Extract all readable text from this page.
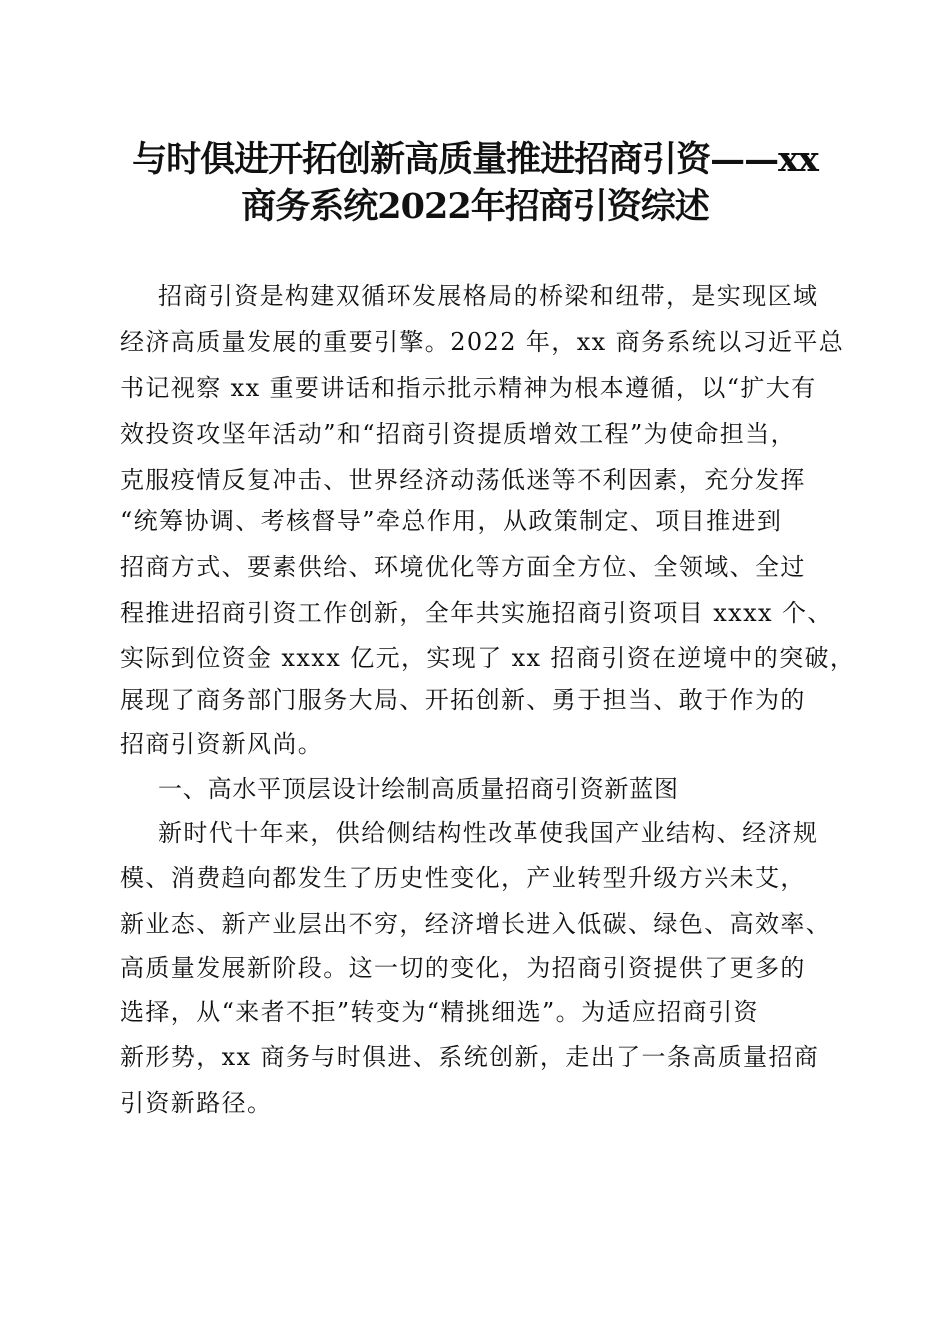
与时俱进开拓创新高质量推进招商引资——xx
商务系统2022年招商引资综述

招商引资是构建双循环发展格局的桥梁和纽带，是实现区域

经济高质量发展的重要引擎。2022 年，xx 商务系统以习近平总

书记视察 xx 重要讲话和指示批示精神为根本遵循，以“扩大有

效投资攻坚年活动”和“招商引资提质增效工程”为使命担当，

克服疫情反复冲击、世界经济动荡低迷等不利因素，充分发挥

“统筹协调、考核督导”牵总作用，从政策制定、项目推进到

招商方式、要素供给、环境优化等方面全方位、全领域、全过

程推进招商引资工作创新，全年共实施招商引资项目 xxxx 个、

实际到位资金 xxxx 亿元，实现了 xx 招商引资在逆境中的突破，

展现了商务部门服务大局、开拓创新、勇于担当、敢于作为的

招商引资新风尚。

一、高水平顶层设计绘制高质量招商引资新蓝图

新时代十年来，供给侧结构性改革使我国产业结构、经济规

模、消费趋向都发生了历史性变化，产业转型升级方兴未艾，

新业态、新产业层出不穷，经济增长进入低碳、绿色、高效率、

高质量发展新阶段。这一切的变化，为招商引资提供了更多的

选择，从“来者不拒”转变为“精挑细选”。为适应招商引资

新形势，xx 商务与时俱进、系统创新，走出了一条高质量招商

引资新路径。
